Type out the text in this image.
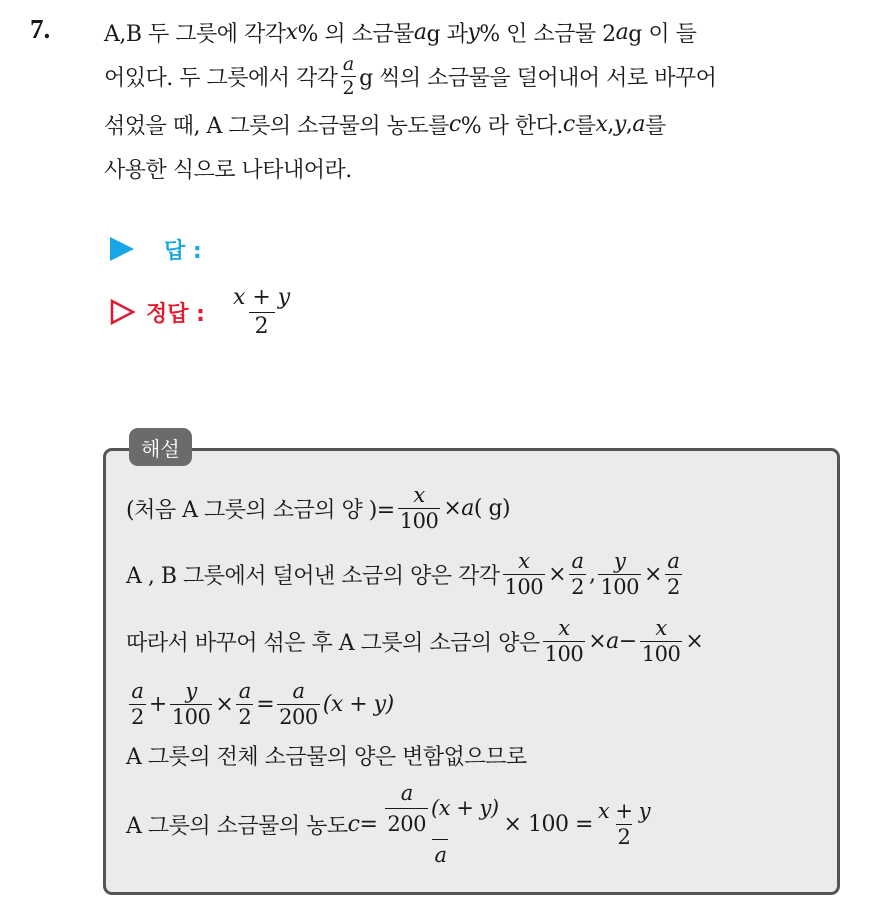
7. A,B 두 그릇에 각각 x % 의 소금물 a g 과 y % 인 소금물 2 a g 이 들
어있다. 두 그릇에서 각각 $\frac{a}{2}$ g 씩의 소금물을 덜어내어 서로 바꾸어
섞었을 때, A 그릇의 소금물의 농도를 c % 라 한다. c 를 x , y , a 를
사용한 식으로 나타내어라.
답 :
정답 : $\frac{x + y}{2}$
해설
(처음 A 그릇의 소금의 양 )= $\frac{x}{100} \times a$ ( g)
A , B 그릇에서 덜어낸 소금의 양은 각각 $\frac{x}{100} \times \frac{a}{2}$ , $\frac{y}{100} \times \frac{a}{2}$
따라서 바꾸어 섞은 후 A 그릇의 소금의 양은 $\frac{x}{100} \times a - \frac{x}{100}$ ×
$\frac{a}{2} + \frac{y}{100} \times \frac{a}{2} = \frac{a}{200} (x + y)$
A 그릇의 전체 소금물의 양은 변함없으므로
A 그릇의 소금물의 농도 $c = \frac{\frac{a}{200} (x + y)}{a} \times 100 = \frac{x + y}{2}$
